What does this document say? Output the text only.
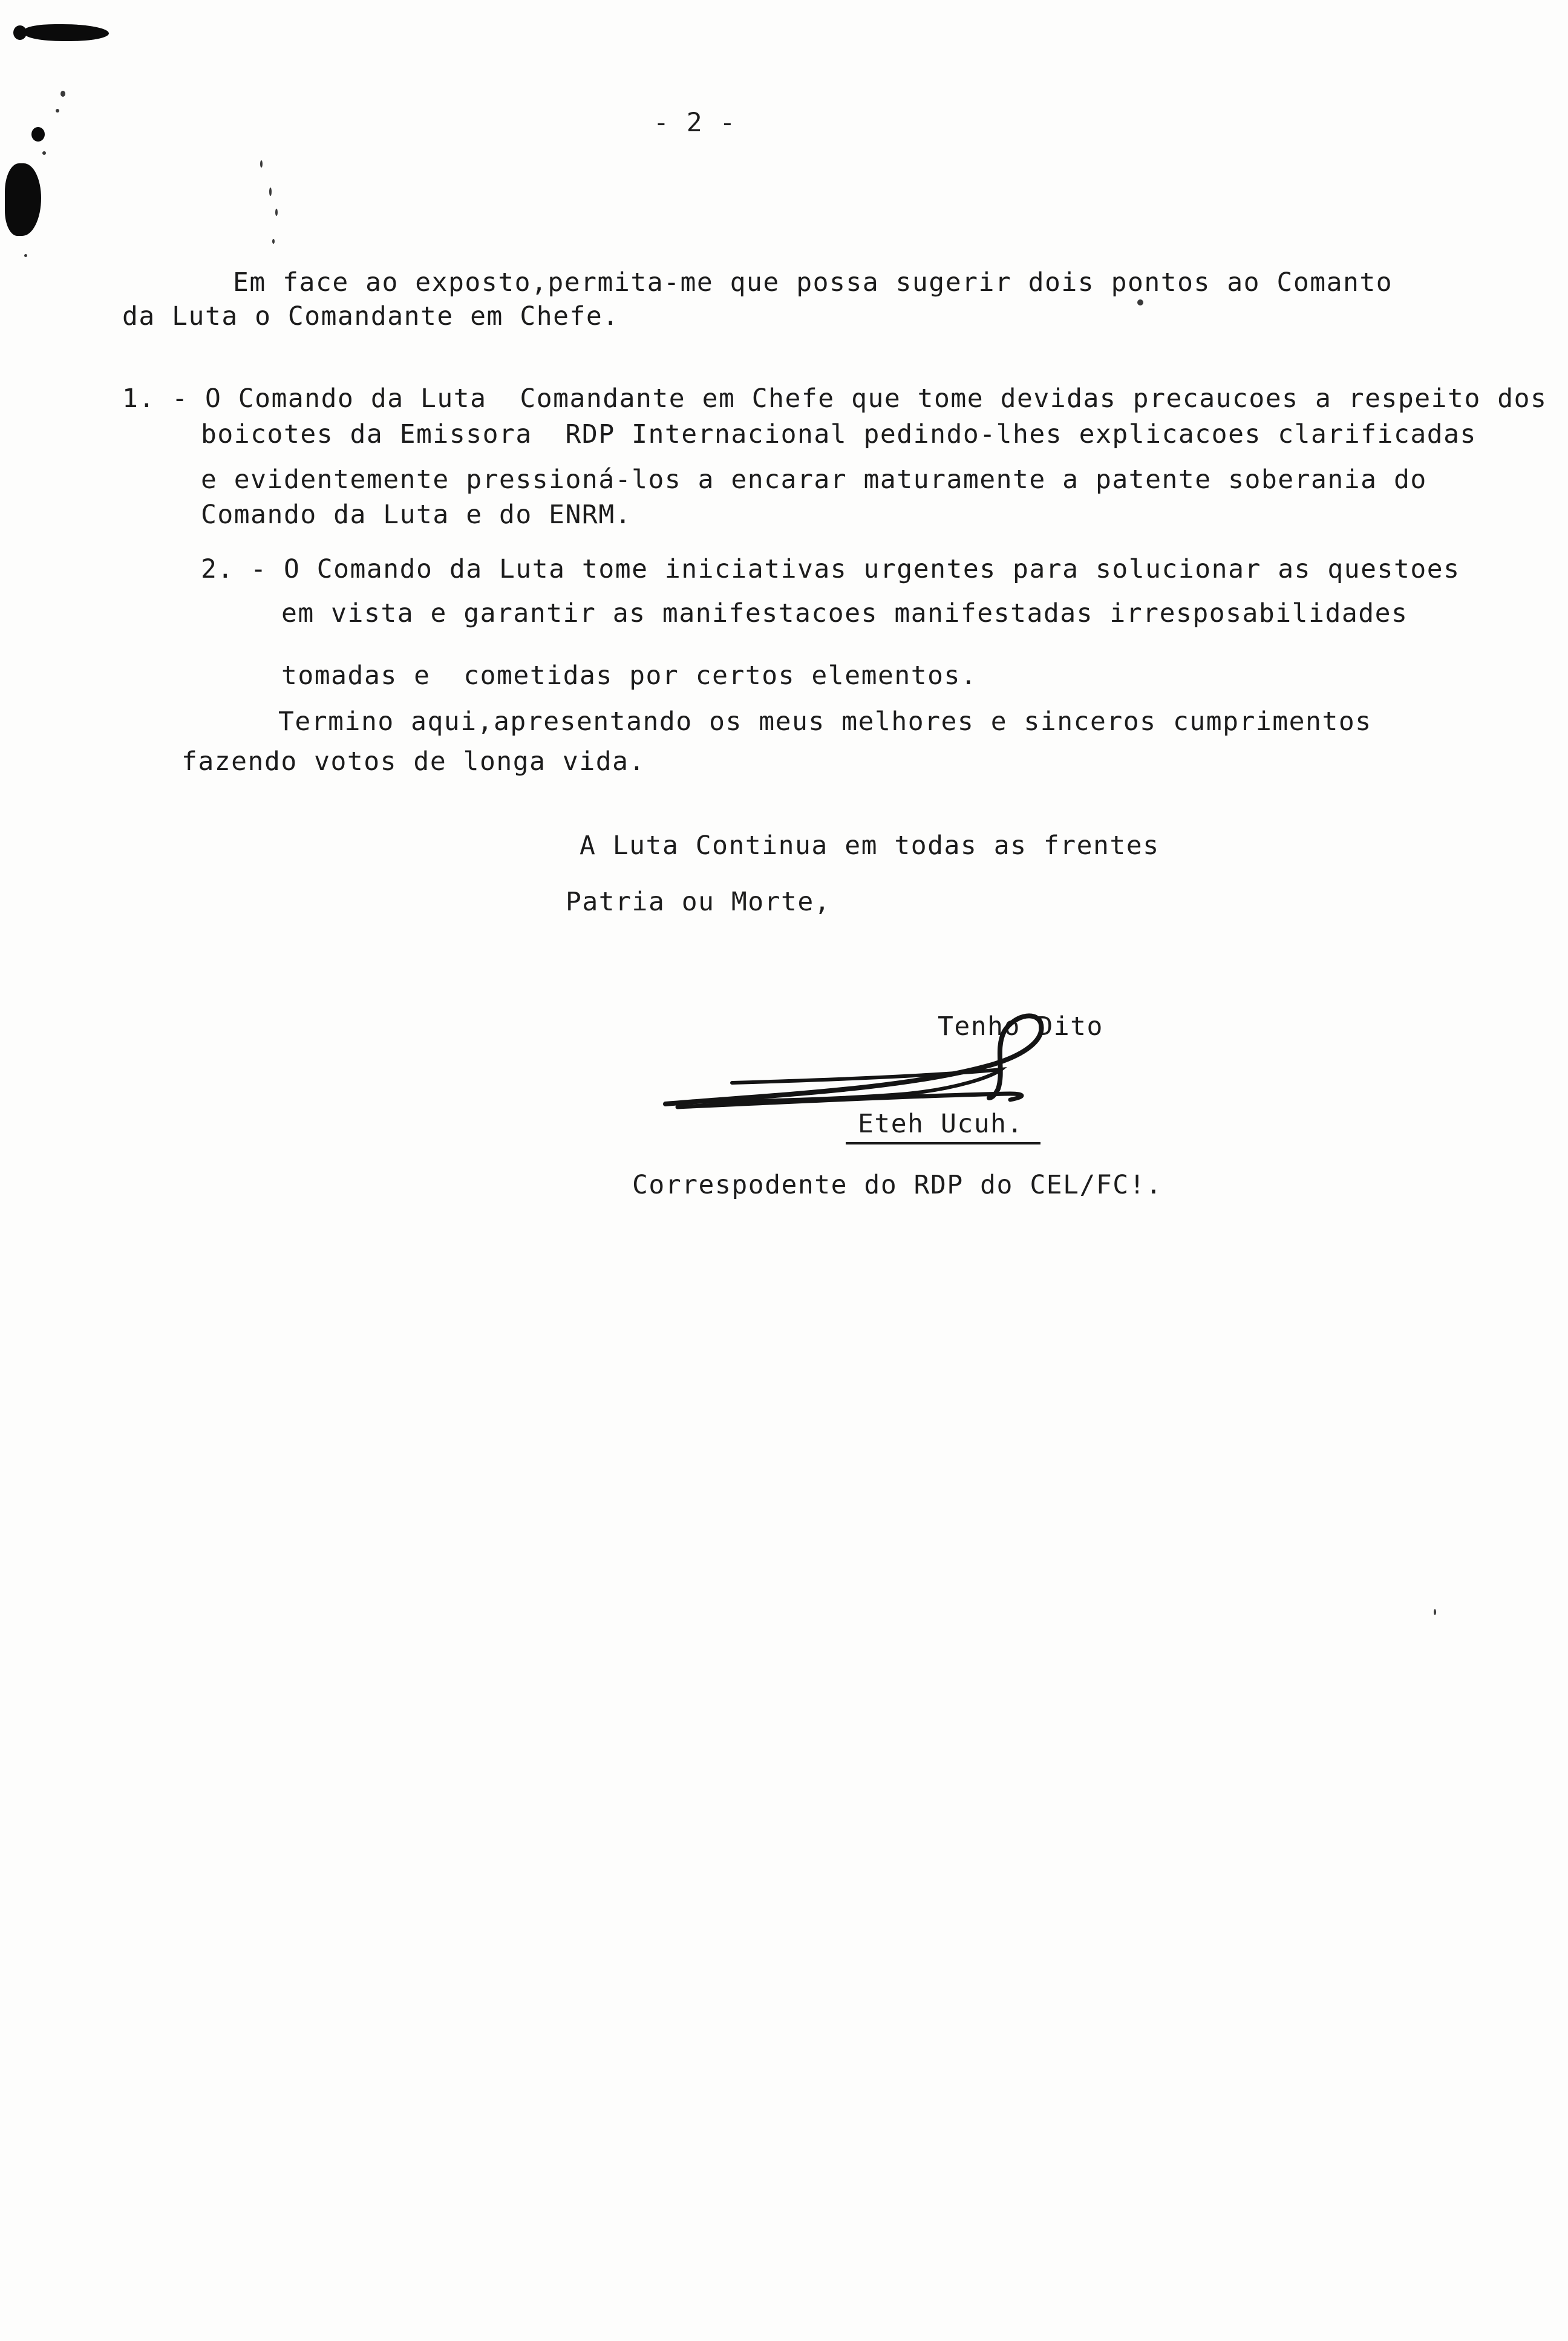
- 2 -
Em face ao exposto,permita-me que possa sugerir dois pontos ao Comanto
da Luta o Comandante em Chefe.
1. - O Comando da Luta  Comandante em Chefe que tome devidas precaucoes a respeito dos
boicotes da Emissora  RDP Internacional pedindo-lhes explicacoes clarificadas
e evidentemente pressioná-los a encarar maturamente a patente soberania do
Comando da Luta e do ENRM.
2. - O Comando da Luta tome iniciativas urgentes para solucionar as questoes
em vista e garantir as manifestacoes manifestadas irresposabilidades
tomadas e  cometidas por certos elementos.
Termino aqui,apresentando os meus melhores e sinceros cumprimentos
fazendo votos de longa vida.
A Luta Continua em todas as frentes
Patria ou Morte,
Tenho Dito
Eteh Ucuh.
Correspodente do RDP do CEL/FC!.
